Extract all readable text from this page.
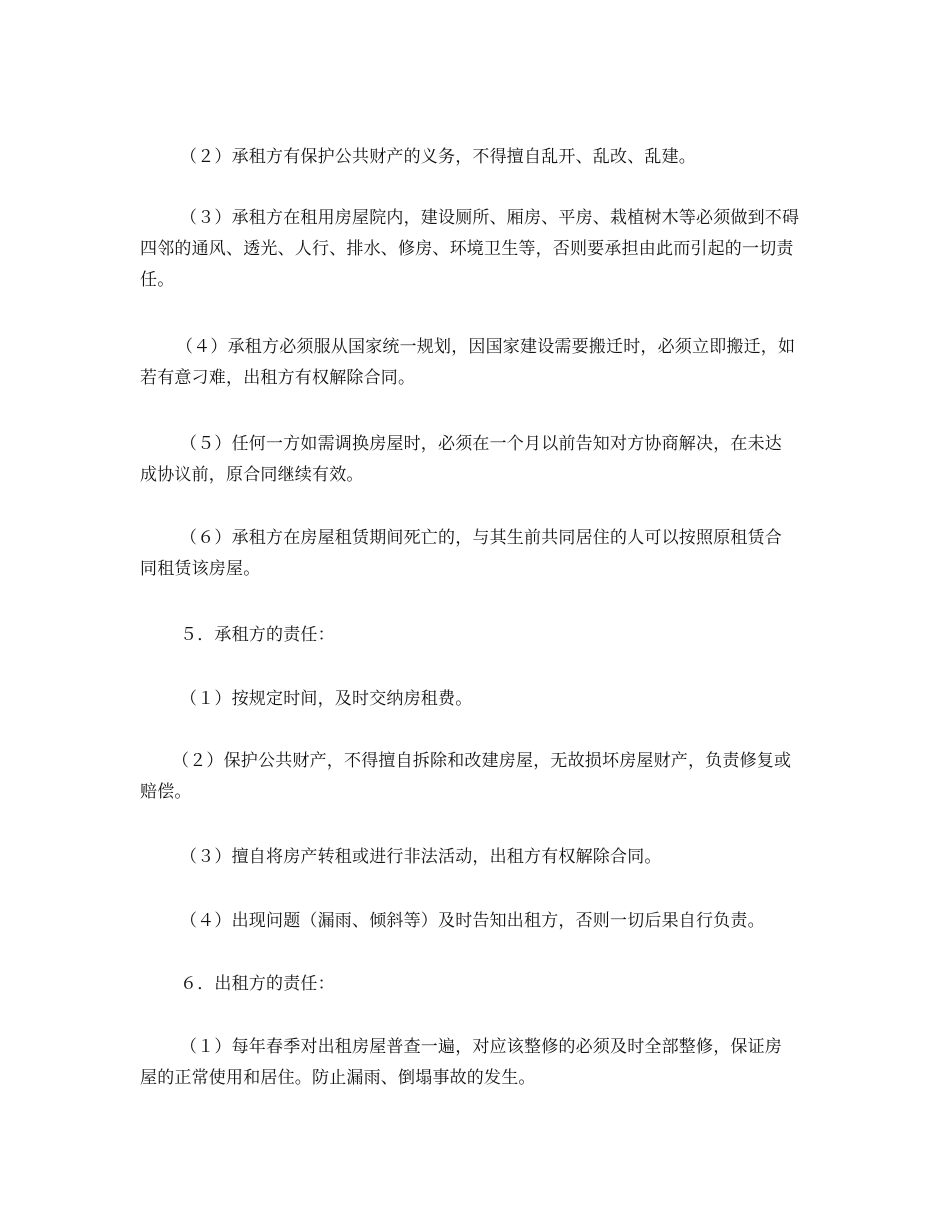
（２）承租方有保护公共财产的义务，不得擅自乱开、乱改、乱建。
（３）承租方在租用房屋院内，建设厕所、厢房、平房、栽植树木等必须做到不碍
四邻的通风、透光、人行、排水、修房、环境卫生等，否则要承担由此而引起的一切责
任。
（４）承租方必须服从国家统一规划，因国家建设需要搬迁时，必须立即搬迁，如
若有意刁难，出租方有权解除合同。
（５）任何一方如需调换房屋时，必须在一个月以前告知对方协商解决，在未达
成协议前，原合同继续有效。
（６）承租方在房屋租赁期间死亡的，与其生前共同居住的人可以按照原租赁合
同租赁该房屋。
５．承租方的责任：
（１）按规定时间，及时交纳房租费。
（２）保护公共财产，不得擅自拆除和改建房屋，无故损坏房屋财产，负责修复或
赔偿。
（３）擅自将房产转租或进行非法活动，出租方有权解除合同。
（４）出现问题（漏雨、倾斜等）及时告知出租方，否则一切后果自行负责。
６．出租方的责任：
（１）每年春季对出租房屋普查一遍，对应该整修的必须及时全部整修，保证房
屋的正常使用和居住。防止漏雨、倒塌事故的发生。
